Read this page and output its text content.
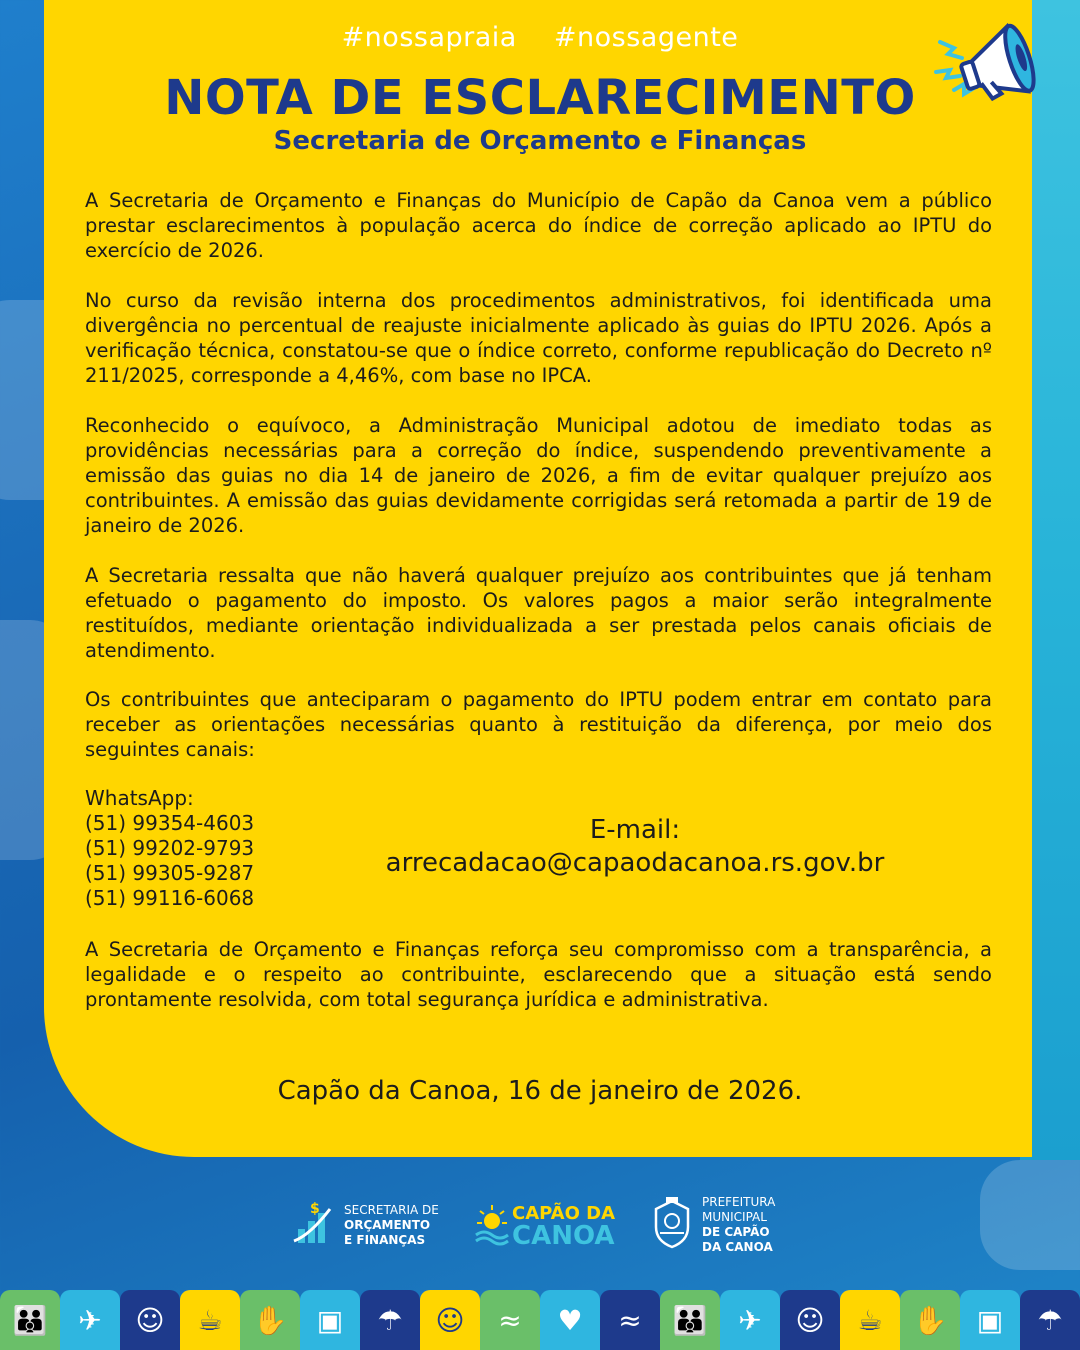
#nossapraia #nossagente
NOTA DE ESCLARECIMENTO
Secretaria de Orçamento e Finanças

A Secretaria de Orçamento e Finanças do Município de Capão da Canoa vem a público prestar esclarecimentos à população acerca do índice de correção aplicado ao IPTU do exercício de 2026.

No curso da revisão interna dos procedimentos administrativos, foi identificada uma divergência no percentual de reajuste inicialmente aplicado às guias do IPTU 2026. Após a verificação técnica, constatou-se que o índice correto, conforme republicação do Decreto nº 211/2025, corresponde a 4,46%, com base no IPCA.

Reconhecido o equívoco, a Administração Municipal adotou de imediato todas as providências necessárias para a correção do índice, suspendendo preventivamente a emissão das guias no dia 14 de janeiro de 2026, a fim de evitar qualquer prejuízo aos contribuintes. A emissão das guias devidamente corrigidas será retomada a partir de 19 de janeiro de 2026.

A Secretaria ressalta que não haverá qualquer prejuízo aos contribuintes que já tenham efetuado o pagamento do imposto. Os valores pagos a maior serão integralmente restituídos, mediante orientação individualizada a ser prestada pelos canais oficiais de atendimento.

Os contribuintes que anteciparam o pagamento do IPTU podem entrar em contato para receber as orientações necessárias quanto à restituição da diferença, por meio dos seguintes canais:

WhatsApp:
(51) 99354-4603
(51) 99202-9793
(51) 99305-9287
(51) 99116-6068
E-mail:
arrecadacao@capaodacanoa.rs.gov.br

A Secretaria de Orçamento e Finanças reforça seu compromisso com a transparência, a legalidade e o respeito ao contribuinte, esclarecendo que a situação está sendo prontamente resolvida, com total segurança jurídica e administrativa.

Capão da Canoa, 16 de janeiro de 2026.
$ SECRETARIA DE
ORÇAMENTO
E FINANÇAS
CAPÃO DA
CANOA
PREFEITURA
MUNICIPAL
DE CAPÃO
DA CANOA
👪	✈	☺	☕	✋	▣	☂	☺	≈	♥	≈	👪	✈	☺	☕	✋	▣	☂
